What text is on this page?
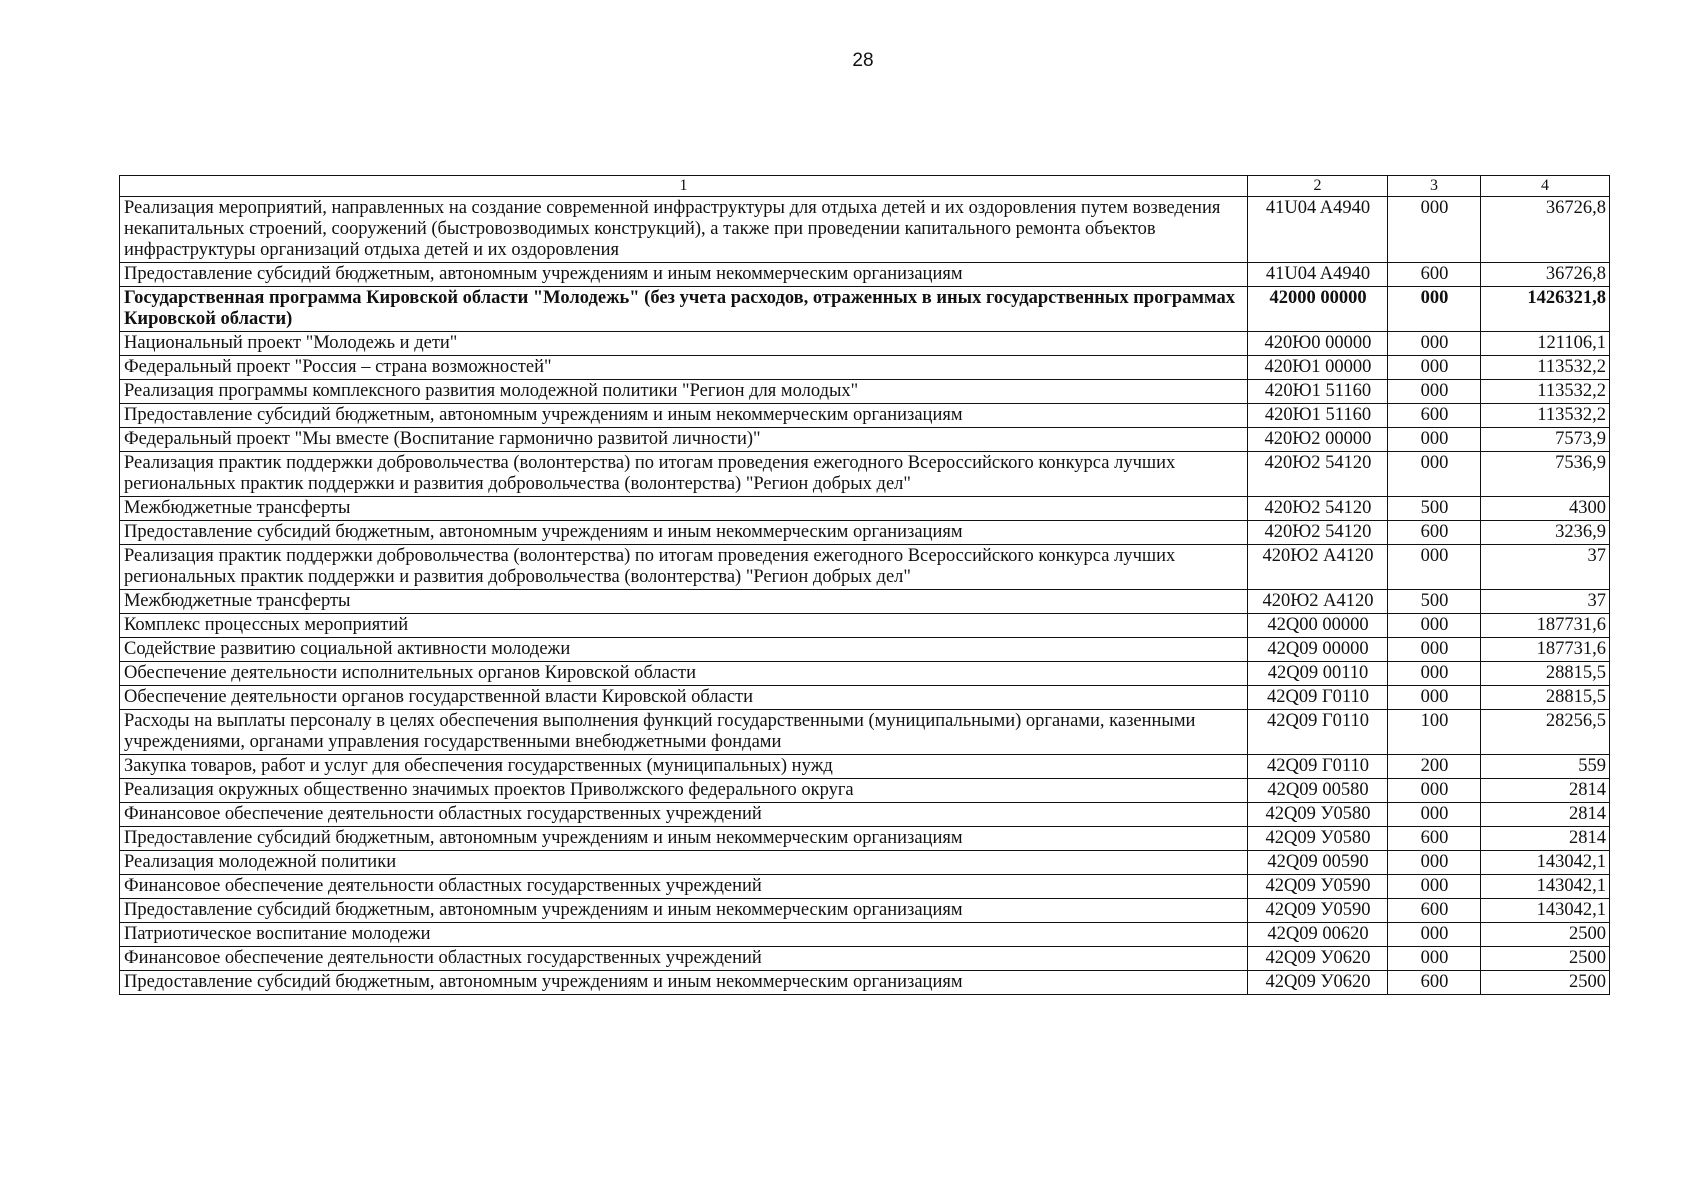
28
1	2	3	4
Реализация мероприятий, направленных на создание современной инфраструктуры для отдыха детей и их оздоровления путем возведения некапитальных строений, сооружений (быстровозводимых конструкций), а также при проведении капитального ремонта объектов инфраструктуры организаций отдыха детей и их оздоровления	41U04 A4940	000	36726,8
Предоставление субсидий бюджетным, автономным учреждениям и иным некоммерческим организациям	41U04 A4940	600	36726,8
Государственная программа Кировской области "Молодежь" (без учета расходов, отраженных в иных государственных программах Кировской области)	42000 00000	000	1426321,8
Национальный проект "Молодежь и дети"	420Ю0 00000	000	121106,1
Федеральный проект "Россия – страна возможностей"	420Ю1 00000	000	113532,2
Реализация программы комплексного развития молодежной политики "Регион для молодых"	420Ю1 51160	000	113532,2
Предоставление субсидий бюджетным, автономным учреждениям и иным некоммерческим организациям	420Ю1 51160	600	113532,2
Федеральный проект "Мы вместе (Воспитание гармонично развитой личности)"	420Ю2 00000	000	7573,9
Реализация практик поддержки добровольчества (волонтерства) по итогам проведения ежегодного Всероссийского конкурса лучших региональных практик поддержки и развития добровольчества (волонтерства) "Регион добрых дел"	420Ю2 54120	000	7536,9
Межбюджетные трансферты	420Ю2 54120	500	4300
Предоставление субсидий бюджетным, автономным учреждениям и иным некоммерческим организациям	420Ю2 54120	600	3236,9
Реализация практик поддержки добровольчества (волонтерства) по итогам проведения ежегодного Всероссийского конкурса лучших региональных практик поддержки и развития добровольчества (волонтерства) "Регион добрых дел"	420Ю2 А4120	000	37
Межбюджетные трансферты	420Ю2 А4120	500	37
Комплекс процессных мероприятий	42Q00 00000	000	187731,6
Содействие развитию социальной активности молодежи	42Q09 00000	000	187731,6
Обеспечение деятельности исполнительных органов Кировской области	42Q09 00110	000	28815,5
Обеспечение деятельности органов государственной власти Кировской области	42Q09 Г0110	000	28815,5
Расходы на выплаты персоналу в целях обеспечения выполнения функций государственными (муниципальными) органами, казенными учреждениями, органами управления государственными внебюджетными фондами	42Q09 Г0110	100	28256,5
Закупка товаров, работ и услуг для обеспечения государственных (муниципальных) нужд	42Q09 Г0110	200	559
Реализация окружных общественно значимых проектов Приволжского федерального округа	42Q09 00580	000	2814
Финансовое обеспечение деятельности областных государственных учреждений	42Q09 У0580	000	2814
Предоставление субсидий бюджетным, автономным учреждениям и иным некоммерческим организациям	42Q09 У0580	600	2814
Реализация молодежной политики	42Q09 00590	000	143042,1
Финансовое обеспечение деятельности областных государственных учреждений	42Q09 У0590	000	143042,1
Предоставление субсидий бюджетным, автономным учреждениям и иным некоммерческим организациям	42Q09 У0590	600	143042,1
Патриотическое воспитание молодежи	42Q09 00620	000	2500
Финансовое обеспечение деятельности областных государственных учреждений	42Q09 У0620	000	2500
Предоставление субсидий бюджетным, автономным учреждениям и иным некоммерческим организациям	42Q09 У0620	600	2500
